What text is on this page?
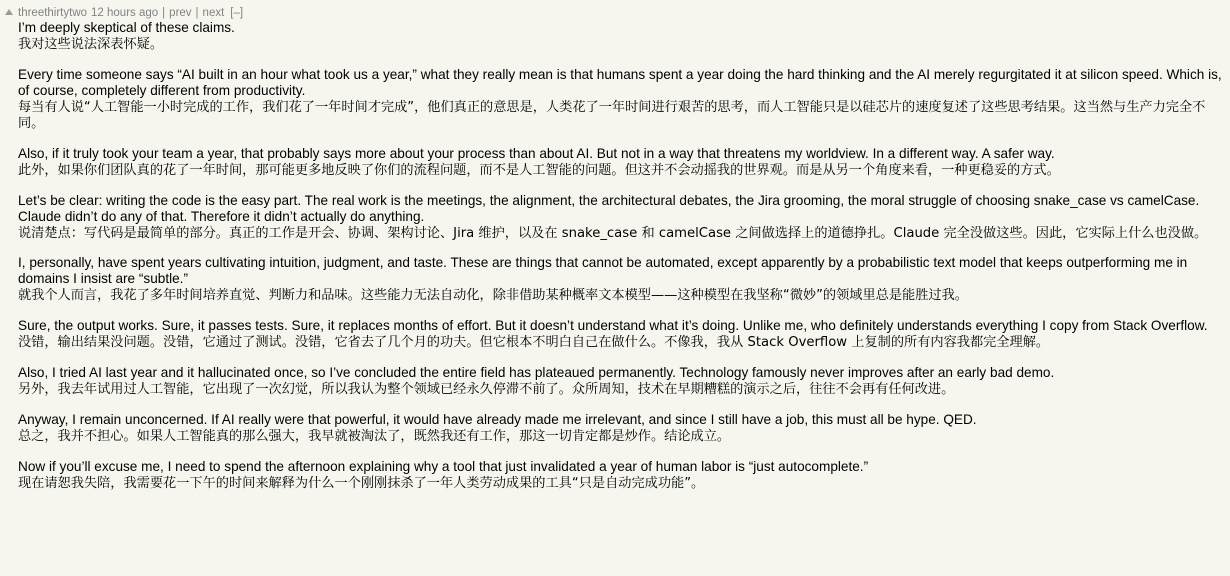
threethirtytwo 12 hours ago | prev | next [–]

I’m deeply skeptical of these claims.

我对这些说法深表怀疑。

Every time someone says “AI built in an hour what took us a year,” what they really mean is that humans spent a year doing the hard thinking and the AI merely regurgitated it at silicon speed. Which is, of course, completely different from productivity.

每当有人说“人工智能一小时完成的工作，我们花了一年时间才完成”，他们真正的意思是，人类花了一年时间进行艰苦的思考，而人工智能只是以硅芯片的速度复述了这些思考结果。这当然与生产力完全不同。

Also, if it truly took your team a year, that probably says more about your process than about AI. But not in a way that threatens my worldview. In a different way. A safer way.

此外，如果你们团队真的花了一年时间，那可能更多地反映了你们的流程问题，而不是人工智能的问题。但这并不会动摇我的世界观。而是从另一个角度来看，一种更稳妥的方式。

Let’s be clear: writing the code is the easy part. The real work is the meetings, the alignment, the architectural debates, the Jira grooming, the moral struggle of choosing snake_case vs camelCase. Claude didn’t do any of that. Therefore it didn’t actually do anything.

说清楚点：写代码是最简单的部分。真正的工作是开会、协调、架构讨论、Jira 维护，以及在 snake_case 和 camelCase 之间做选择上的道德挣扎。Claude 完全没做这些。因此，它实际上什么也没做。

I, personally, have spent years cultivating intuition, judgment, and taste. These are things that cannot be automated, except apparently by a probabilistic text model that keeps outperforming me in domains I insist are “subtle.”

就我个人而言，我花了多年时间培养直觉、判断力和品味。这些能力无法自动化，除非借助某种概率文本模型——这种模型在我坚称“微妙”的领域里总是能胜过我。

Sure, the output works. Sure, it passes tests. Sure, it replaces months of effort. But it doesn’t understand what it’s doing. Unlike me, who definitely understands everything I copy from Stack Overflow.

没错，输出结果没问题。没错，它通过了测试。没错，它省去了几个月的功夫。但它根本不明白自己在做什么。不像我，我从 Stack Overflow 上复制的所有内容我都完全理解。

Also, I tried AI last year and it hallucinated once, so I’ve concluded the entire field has plateaued permanently. Technology famously never improves after an early bad demo.

另外，我去年试用过人工智能，它出现了一次幻觉，所以我认为整个领域已经永久停滞不前了。众所周知，技术在早期糟糕的演示之后，往往不会再有任何改进。

Anyway, I remain unconcerned. If AI really were that powerful, it would have already made me irrelevant, and since I still have a job, this must all be hype. QED.

总之，我并不担心。如果人工智能真的那么强大，我早就被淘汰了，既然我还有工作，那这一切肯定都是炒作。结论成立。

Now if you’ll excuse me, I need to spend the afternoon explaining why a tool that just invalidated a year of human labor is “just autocomplete.”

现在请恕我失陪，我需要花一下午的时间来解释为什么一个刚刚抹杀了一年人类劳动成果的工具“只是自动完成功能”。
